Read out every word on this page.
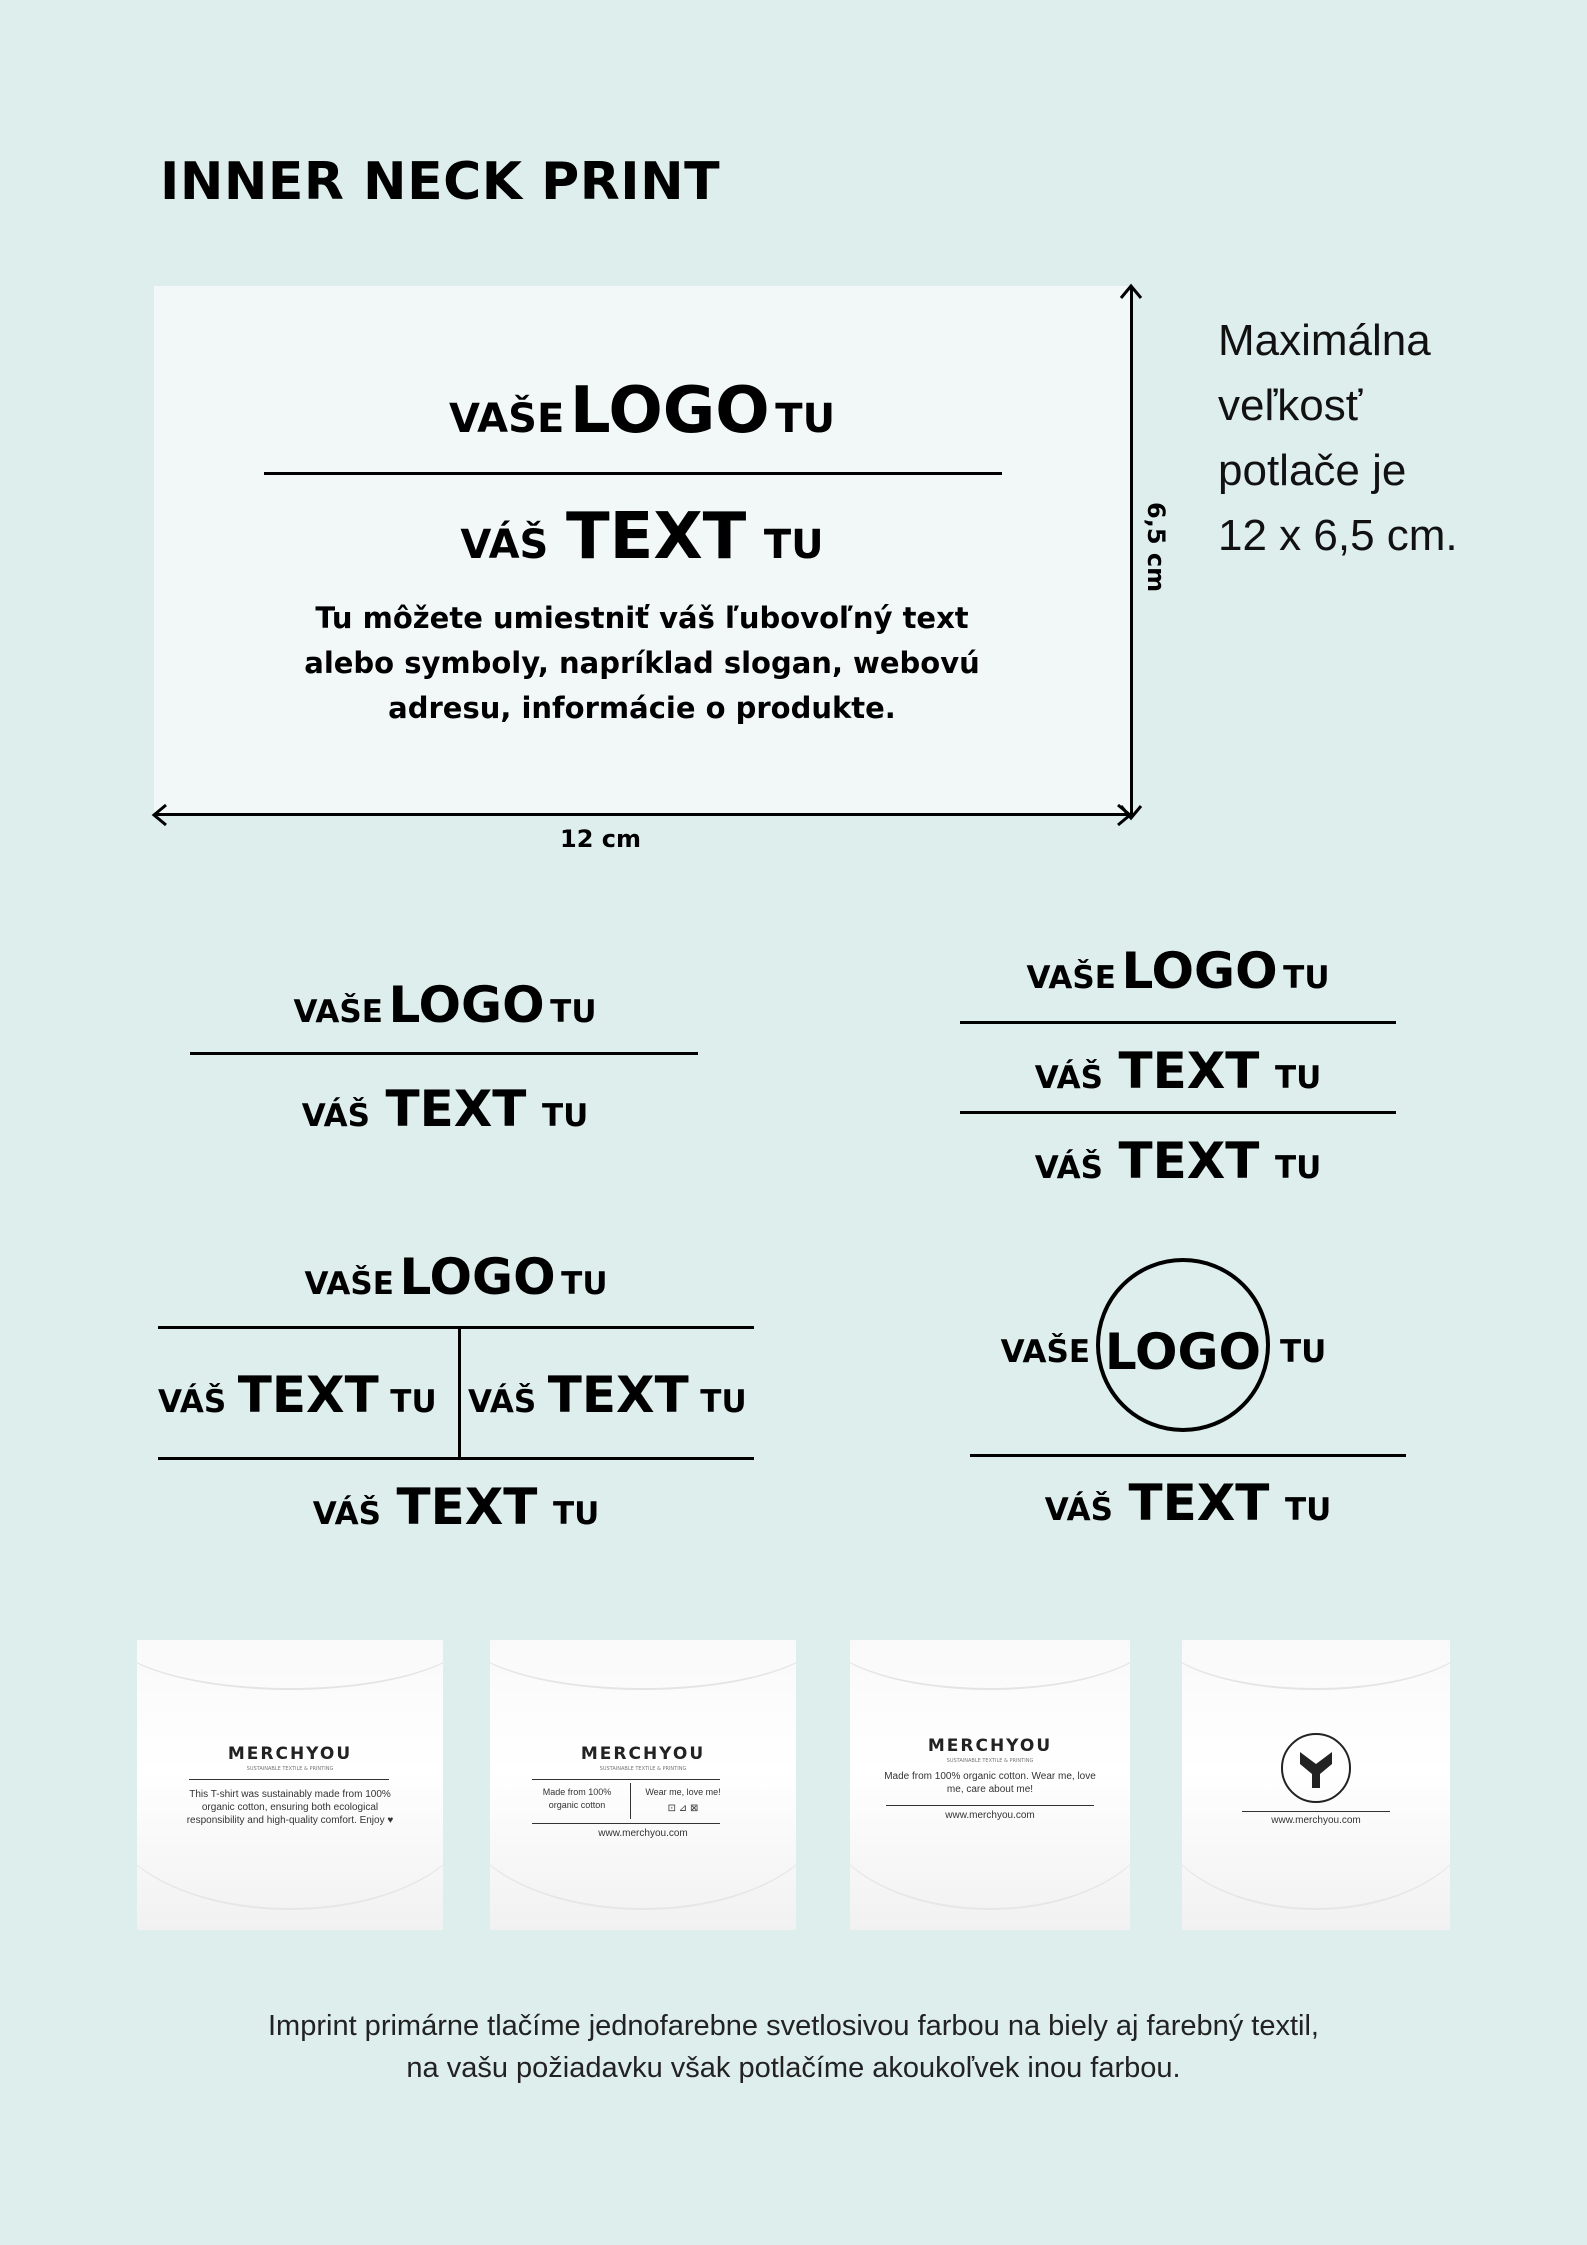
INNER NECK PRINT
VAŠE LOGO TU
VÁŠ TEXT TU
Tu môžete umiestniť váš ľubovoľný text
alebo symboly, napríklad slogan, webovú
adresu, informácie o produkte.
12 cm
6,5 cm
Maximálna
veľkosť
potlače je
12 x 6,5 cm.
VAŠE LOGO TU
VÁŠ TEXT TU
VAŠE LOGO TU
VÁŠ TEXT TU
VÁŠ TEXT TU
VAŠE LOGO TU
VÁŠ TEXT TU VÁŠ TEXT TU
VÁŠ TEXT TU
VAŠE LOGO TU
VÁŠ TEXT TU
MERCHYOU
SUSTAINABLE TEXTILE & PRINTING
This T-shirt was sustainably made from 100% organic cotton, ensuring both ecological responsibility and high-quality comfort. Enjoy ♥
MERCHYOU
SUSTAINABLE TEXTILE & PRINTING
Made from 100% organic cotton
Wear me, love me!
⊡ ⊿ ⊠
www.merchyou.com
MERCHYOU
SUSTAINABLE TEXTILE & PRINTING
Made from 100% organic cotton. Wear me, love me, care about me!
www.merchyou.com	www.merchyou.com
Imprint primárne tlačíme jednofarebne svetlosivou farbou na biely aj farebný textil,
na vašu požiadavku však potlačíme akoukoľvek inou farbou.
